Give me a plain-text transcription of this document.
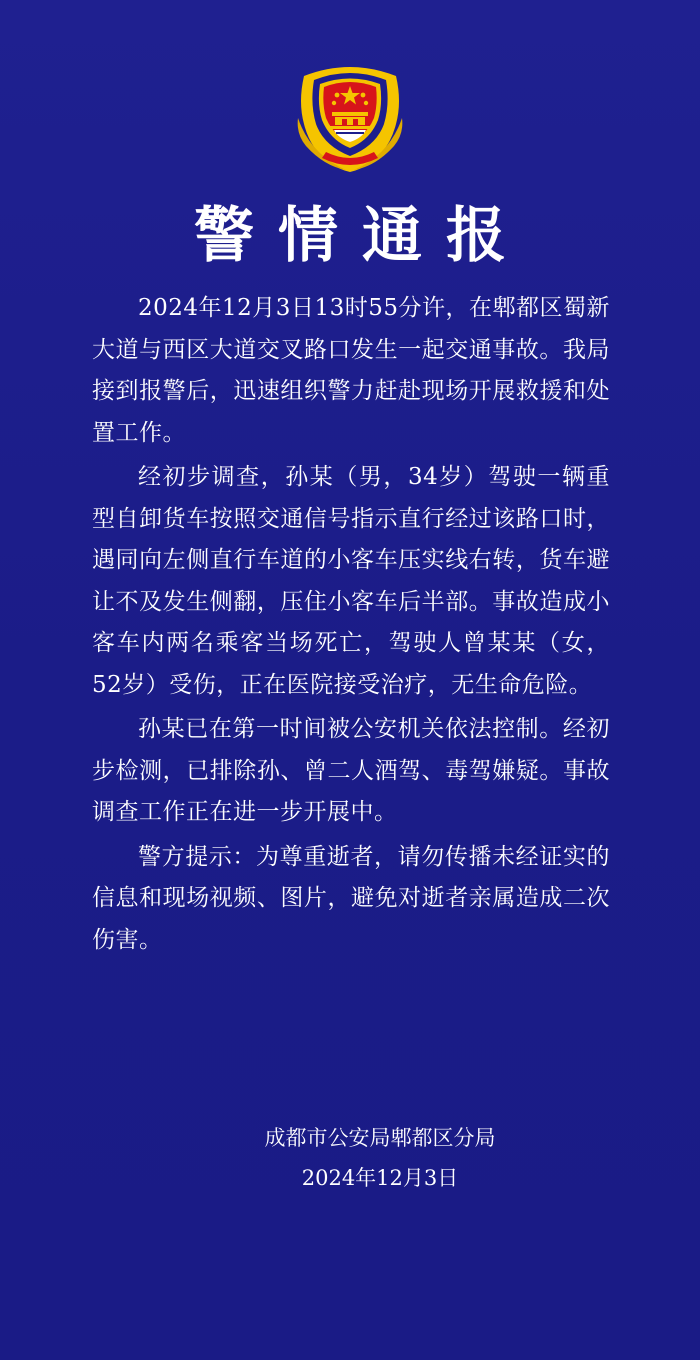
警情通报

2024年12月3日13时55分许，在郫都区蜀新大道与西区大道交叉路口发生一起交通事故。我局接到报警后，迅速组织警力赶赴现场开展救援和处置工作。

经初步调查，孙某（男，34岁）驾驶一辆重型自卸货车按照交通信号指示直行经过该路口时，遇同向左侧直行车道的小客车压实线右转，货车避让不及发生侧翻，压住小客车后半部。事故造成小客车内两名乘客当场死亡，驾驶人曾某某（女，52岁）受伤，正在医院接受治疗，无生命危险。

孙某已在第一时间被公安机关依法控制。经初步检测，已排除孙、曾二人酒驾、毒驾嫌疑。事故调查工作正在进一步开展中。

警方提示：为尊重逝者，请勿传播未经证实的信息和现场视频、图片，避免对逝者亲属造成二次伤害。

成都市公安局郫都区分局

2024年12月3日
